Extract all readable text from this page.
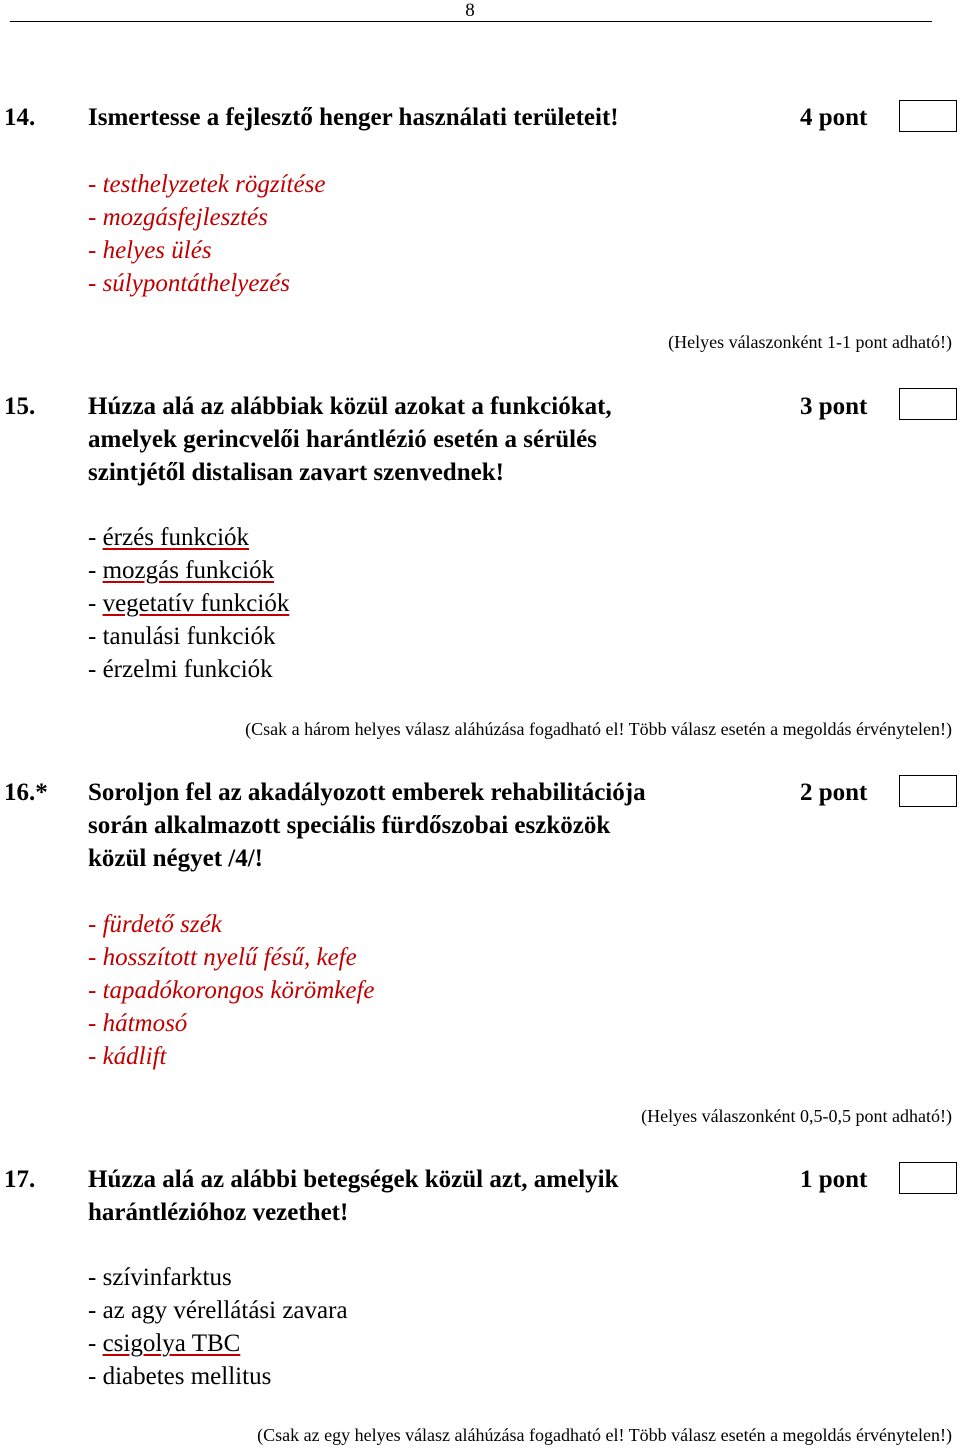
8
14. Ismertesse a fejlesztő henger használati területeit!	4 pont
- testhelyzetek rögzítése
- mozgásfejlesztés
- helyes ülés
- súlypontáthelyezés
(Helyes válaszonként 1-1 pont adható!)
15. Húzza alá az alábbiak közül azokat a funkciókat,
amelyek gerincvelői harántlézió esetén a sérülés
szintjétől distalisan zavart szenvednek!
3 pont
- érzés funkciók
- mozgás funkciók
- vegetatív funkciók
- tanulási funkciók
- érzelmi funkciók
(Csak a három helyes válasz aláhúzása fogadható el! Több válasz esetén a megoldás érvénytelen!)
16.* Soroljon fel az akadályozott emberek rehabilitációja
során alkalmazott speciális fürdőszobai eszközök
közül négyet /4/!
2 pont
- fürdető szék
- hosszított nyelű fésű, kefe
- tapadókorongos körömkefe
- hátmosó
- kádlift
(Helyes válaszonként 0,5-0,5 pont adható!)
17. Húzza alá az alábbi betegségek közül azt, amelyik
harántlézióhoz vezethet!
1 pont
- szívinfarktus
- az agy vérellátási zavara
- csigolya TBC
- diabetes mellitus
(Csak az egy helyes válasz aláhúzása fogadható el! Több válasz esetén a megoldás érvénytelen!)
